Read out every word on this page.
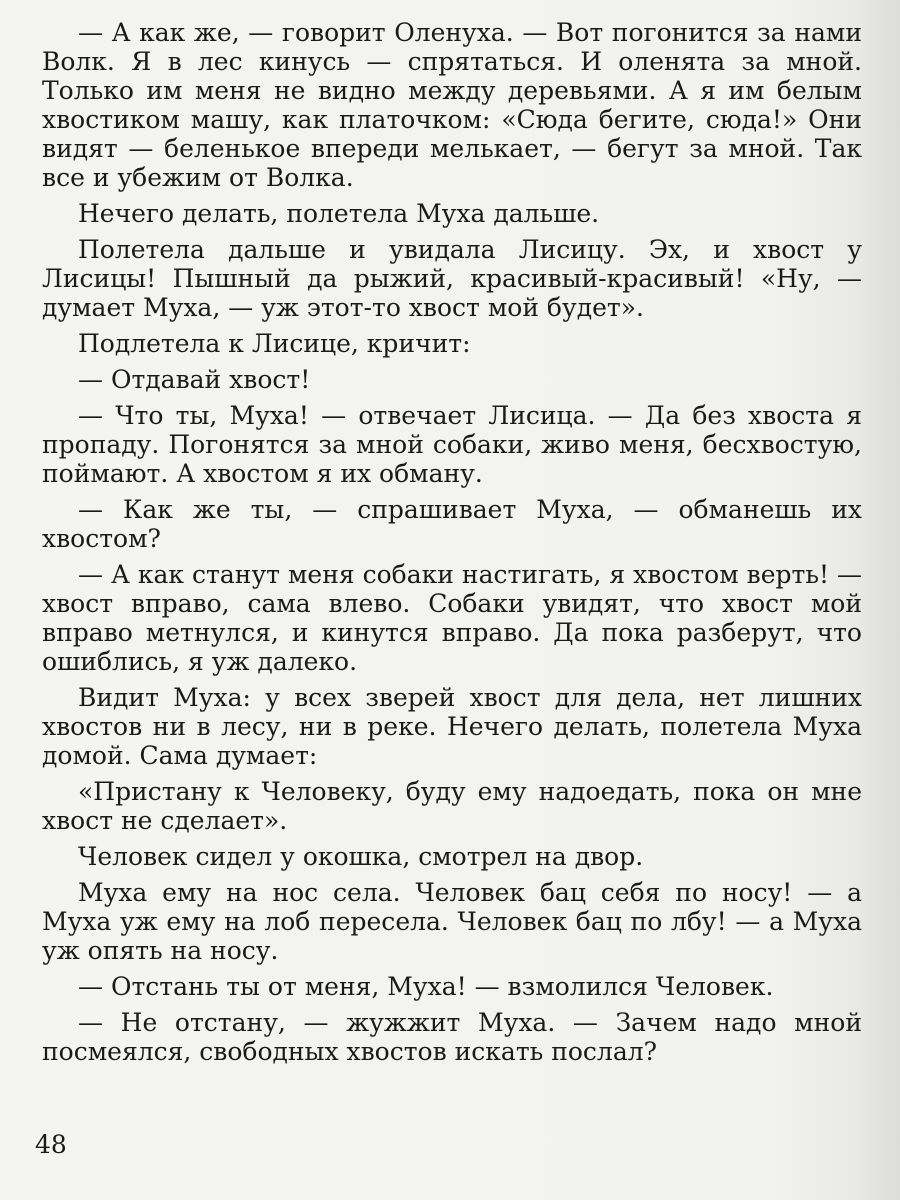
— А как же, — говорит Оленуха. — Вот погонится за нами Волк. Я в лес кинусь — спрятаться. И оленята за мной. Только им меня не видно между деревьями. А я им белым хвостиком машу, как платочком: «Сюда бегите, сюда!» Они видят — беленькое впереди мелькает, — бегут за мной. Так все и убежим от Волка.

Нечего делать, полетела Муха дальше.

Полетела дальше и увидала Лисицу. Эх, и хвост у Лисицы! Пышный да рыжий, красивый-красивый! «Ну, — думает Муха, — уж этот-то хвост мой будет».

Подлетела к Лисице, кричит:

— Отдавай хвост!

— Что ты, Муха! — отвечает Лисица. — Да без хвоста я пропаду. Погонятся за мной собаки, живо меня, бесхвостую, поймают. А хвостом я их обману.

— Как же ты, — спрашивает Муха, — обманешь их хвостом?

— А как станут меня собаки настигать, я хвостом верть! — хвост вправо, сама влево. Собаки увидят, что хвост мой вправо метнулся, и кинутся вправо. Да пока разберут, что ошиблись, я уж далеко.

Видит Муха: у всех зверей хвост для дела, нет лишних хвостов ни в лесу, ни в реке. Нечего делать, полетела Муха домой. Сама думает:

«Пристану к Человеку, буду ему надоедать, пока он мне хвост не сделает».

Человек сидел у окошка, смотрел на двор.

Муха ему на нос села. Человек бац себя по носу! — а Муха уж ему на лоб пересела. Человек бац по лбу! — а Муха уж опять на носу.

— Отстань ты от меня, Муха! — взмолился Человек.

— Не отстану, — жужжит Муха. — Зачем надо мной посмеялся, свободных хвостов искать послал?

48
